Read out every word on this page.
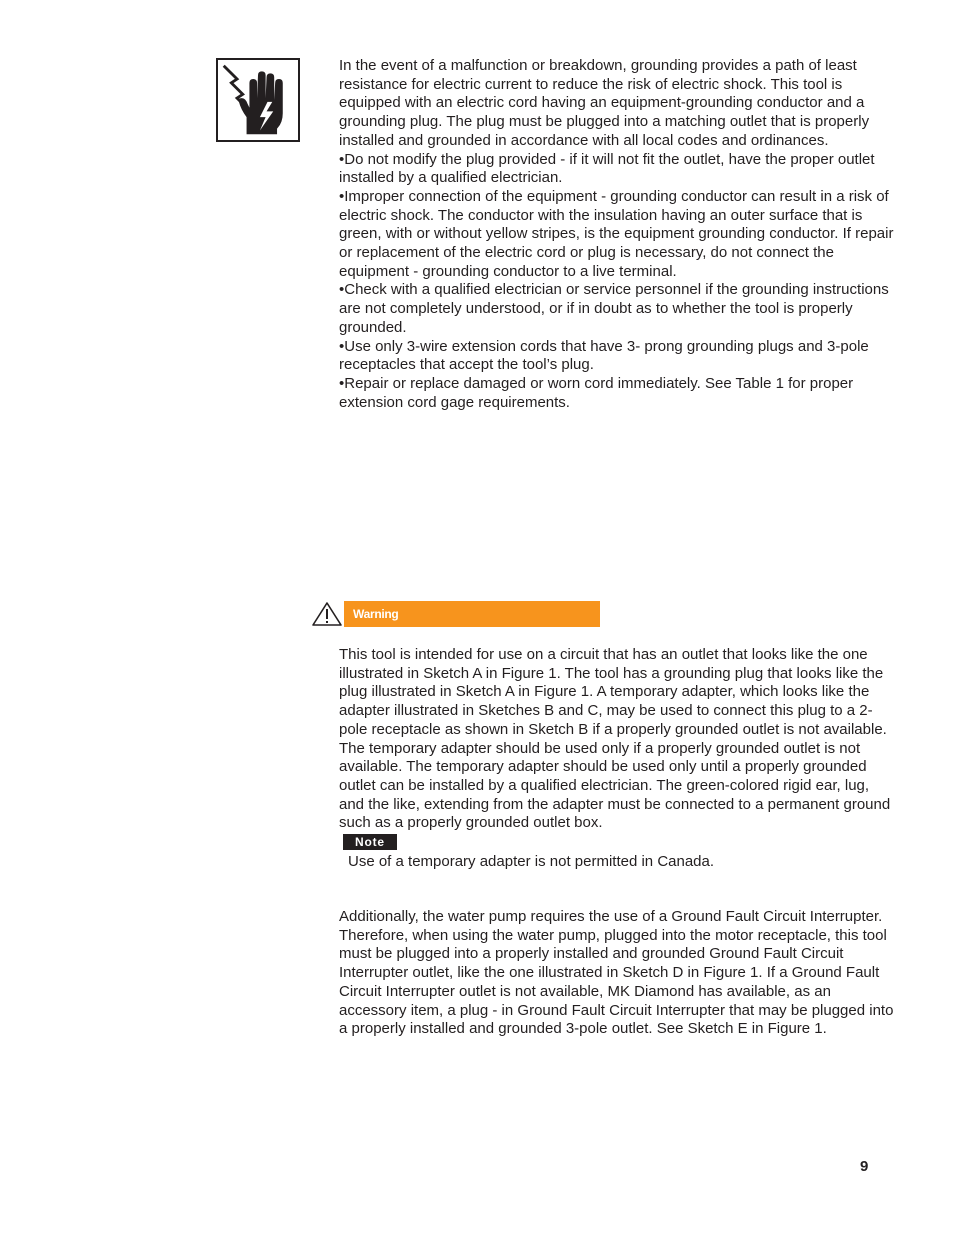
In the event of a malfunction or breakdown, grounding provides a path of least resistance for electric current to reduce the risk of electric shock. This tool is equipped with an electric cord having an equipment-grounding conductor and a grounding plug. The plug must be plugged into a matching outlet that is properly installed and grounded in accordance with all local codes and ordinances.

•Do not modify the plug provided - if it will not fit the outlet, have the proper outlet installed by a qualified electrician.

•Improper connection of the equipment - grounding conductor can result in a risk of electric shock. The conductor with the insulation having an outer surface that is green, with or without yellow stripes, is the equipment grounding conductor. If repair or replacement of the electric cord or plug is necessary, do not connect the equipment - grounding conductor to a live terminal.

•Check with a qualified electrician or service personnel if the grounding instructions are not completely understood, or if in doubt as to whether the tool is properly grounded.

•Use only 3-wire extension cords that have 3- prong grounding plugs and 3-pole receptacles that accept the tool’s plug.

•Repair or replace damaged or worn cord immediately. See Table 1 for proper extension cord gage requirements.

Warning

This tool is intended for use on a circuit that has an outlet that looks like the one illustrated in Sketch A in Figure 1. The tool has a grounding plug that looks like the plug illustrated in Sketch A in Figure 1. A temporary adapter, which looks like the adapter illustrated in Sketches B and C, may be used to connect this plug to a 2-pole receptacle as shown in Sketch B if a properly grounded outlet is not available. The temporary adapter should be used only if a properly grounded outlet is not available. The temporary adapter should be used only until a properly grounded outlet can be installed by a qualified electrician. The green-colored rigid ear, lug, and the like, extending from the adapter must be connected to a permanent ground such as a properly grounded outlet box.

Note

Use of a temporary adapter is not permitted in Canada.

Additionally, the water pump requires the use of a Ground Fault Circuit Interrupter. Therefore, when using the water pump, plugged into the motor receptacle, this tool must be plugged into a properly installed and grounded Ground Fault Circuit Interrupter outlet, like the one illustrated in Sketch D in Figure 1. If a Ground Fault Circuit Interrupter outlet is not available, MK Diamond has available, as an accessory item, a plug - in Ground Fault Circuit Interrupter that may be plugged into a properly installed and grounded 3-pole outlet. See Sketch E in Figure 1.

9
